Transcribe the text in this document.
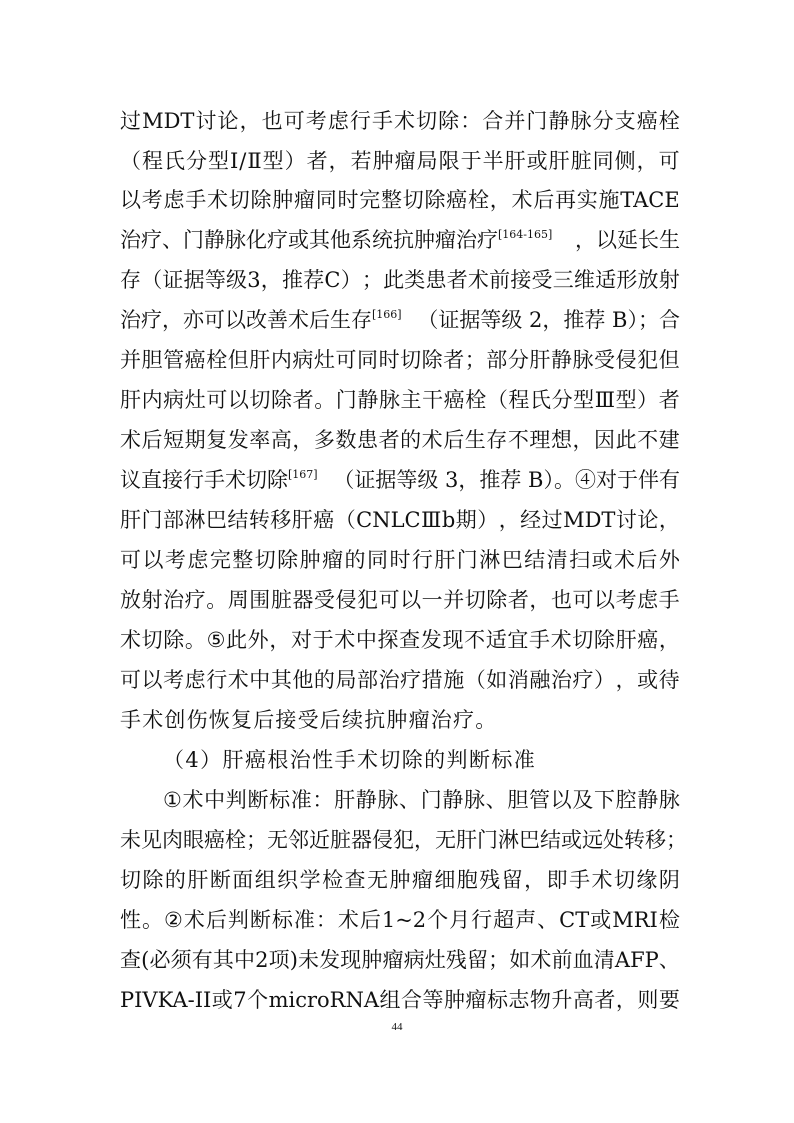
过 MDT 讨 论 ， 也 可 考 虑 行 手 术 切 除 ： 合 并 门 静 脉 分 支 癌 栓
（ 程 氏 分 型 Ⅰ / Ⅱ 型 ） 者 ， 若 肿 瘤 局 限 于 半 肝 或 肝 脏 同 侧 ， 可
以 考 虑 手 术 切 除 肿 瘤 同 时 完 整 切 除 癌 栓 ， 术 后 再 实 施 TACE
治疗、门静脉化疗或其他系统抗肿瘤治疗[164-165] ，以延长生
存 （ 证 据 等 级 3 ， 推 荐 C ） ； 此 类 患 者 术 前 接 受 三 维 适 形 放 射
治疗，亦可以改善术后生存[166] （证据等级 2，推荐 B）；合
并 胆 管 癌 栓 但 肝 内 病 灶 可 同 时 切 除 者 ； 部 分 肝 静 脉 受 侵 犯 但
肝 内 病 灶 可 以 切 除 者 。 门 静 脉 主 干 癌 栓 （ 程 氏 分 型 Ⅲ 型 ） 者
术 后 短 期 复 发 率 高 ， 多 数 患 者 的 术 后 生 存 不 理 想 ， 因 此 不 建
议直接行手术切除[167] （证据等级 3，推荐 B）。④对于伴有
肝 门 部 淋 巴 结 转 移 肝 癌 （ CNLC Ⅲ b 期 ） ， 经 过 MDT 讨 论 ，
可 以 考 虑 完 整 切 除 肿 瘤 的 同 时 行 肝 门 淋 巴 结 清 扫 或 术 后 外
放 射 治 疗 。 周 围 脏 器 受 侵 犯 可 以 一 并 切 除 者 ， 也 可 以 考 虑 手
术 切 除 。 ⑤ 此 外 ， 对 于 术 中 探 查 发 现 不 适 宜 手 术 切 除 肝 癌 ，
可 以 考 虑 行 术 中 其 他 的 局 部 治 疗 措 施 （ 如 消 融 治 疗 ） ， 或 待
手术创伤恢复后接受后续抗肿瘤治疗。
（4）肝癌根治性手术切除的判断标准
① 术 中 判 断 标 准 ： 肝 静 脉 、 门 静 脉 、 胆 管 以 及 下 腔 静 脉
未 见 肉 眼 癌 栓 ； 无 邻 近 脏 器 侵 犯 ， 无 肝 门 淋 巴 结 或 远 处 转 移 ；
切 除 的 肝 断 面 组 织 学 检 查 无 肿 瘤 细 胞 残 留 ， 即 手 术 切 缘 阴
性 。 ② 术 后 判 断 标 准 ： 术 后 1~2 个 月 行 超 声 、 CT 或 MRI 检
查 ( 必 须 有 其 中 2 项 ) 未 发 现 肿 瘤 病 灶 残 留 ； 如 术 前 血 清 AFP 、
PIVKA-II 或 7 个 microRNA 组 合 等 肿 瘤 标 志 物 升 高 者 ， 则 要
44
